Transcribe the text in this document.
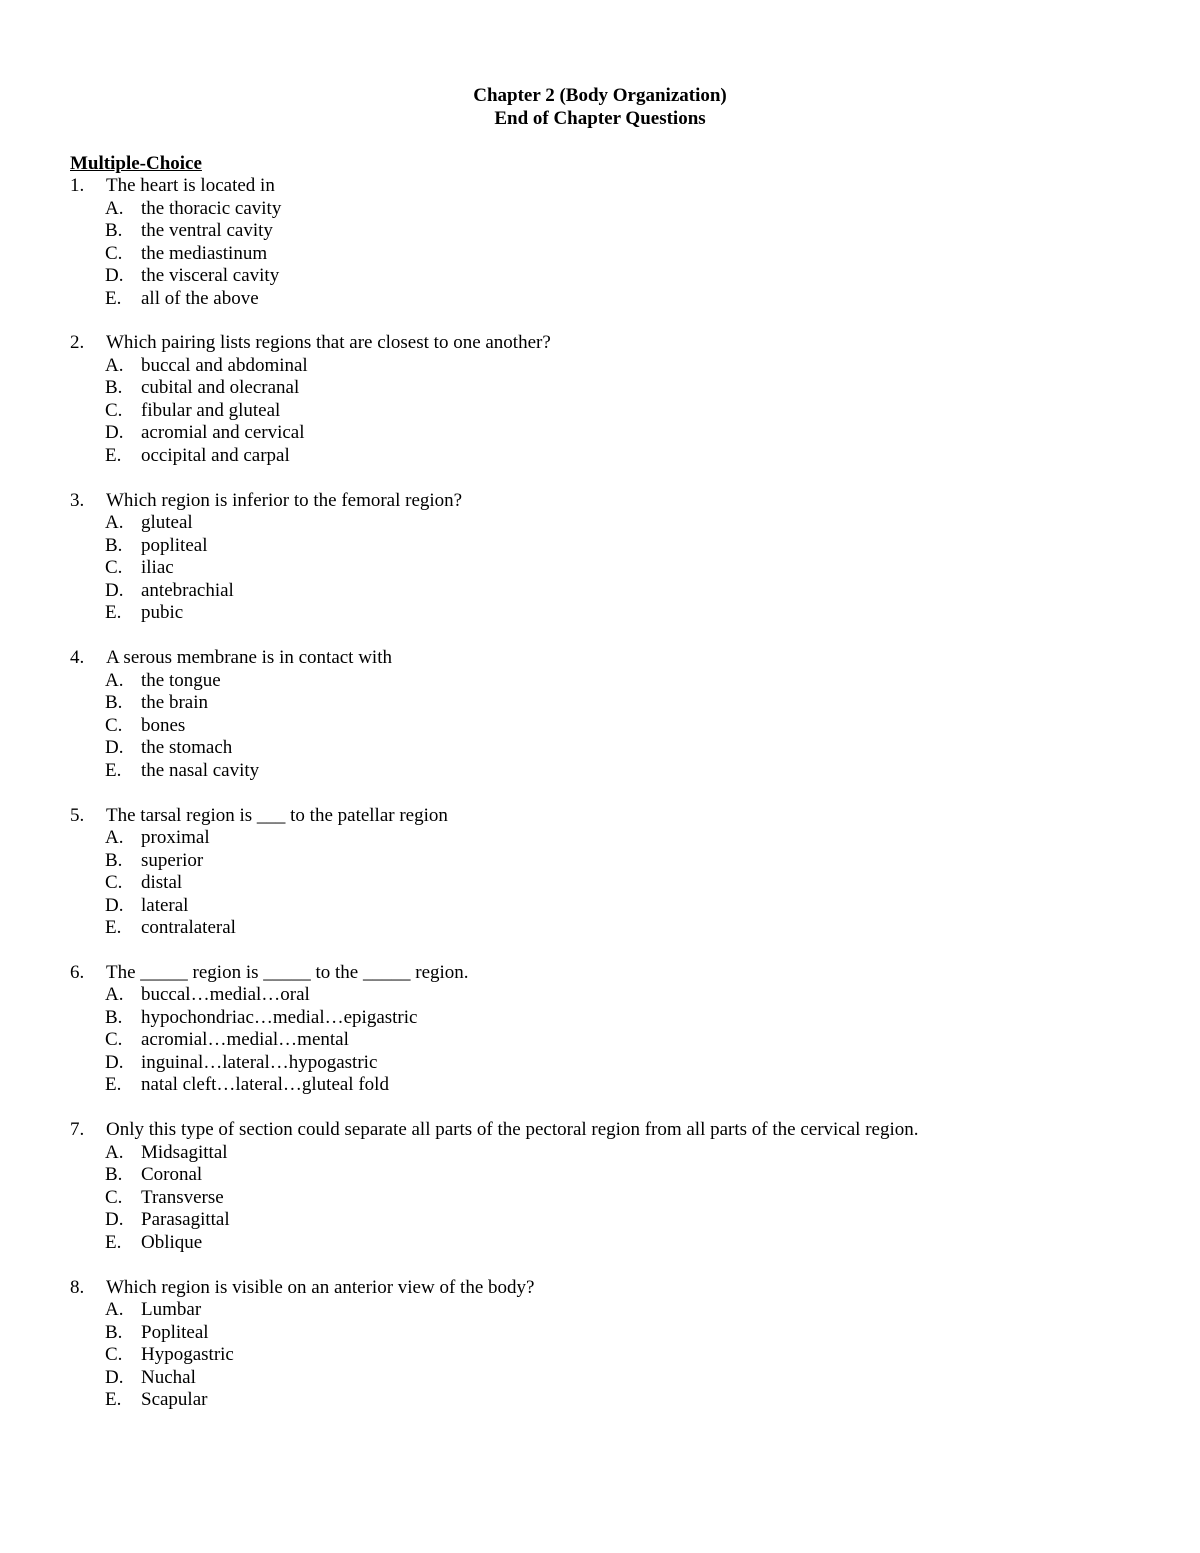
Chapter 2 (Body Organization)
End of Chapter Questions
Multiple-Choice
1. The heart is located in
A. the thoracic cavity
B. the ventral cavity
C. the mediastinum
D. the visceral cavity
E. all of the above
2. Which pairing lists regions that are closest to one another?
A. buccal and abdominal
B. cubital and olecranal
C. fibular and gluteal
D. acromial and cervical
E. occipital and carpal
3. Which region is inferior to the femoral region?
A. gluteal
B. popliteal
C. iliac
D. antebrachial
E. pubic
4. A serous membrane is in contact with
A. the tongue
B. the brain
C. bones
D. the stomach
E. the nasal cavity
5. The tarsal region is ___ to the patellar region
A. proximal
B. superior
C. distal
D. lateral
E. contralateral
6. The _____ region is _____ to the _____ region.
A. buccal…medial…oral
B. hypochondriac…medial…epigastric
C. acromial…medial…mental
D. inguinal…lateral…hypogastric
E. natal cleft…lateral…gluteal fold
7. Only this type of section could separate all parts of the pectoral region from all parts of the cervical region.
A. Midsagittal
B. Coronal
C. Transverse
D. Parasagittal
E. Oblique
8. Which region is visible on an anterior view of the body?
A. Lumbar
B. Popliteal
C. Hypogastric
D. Nuchal
E. Scapular
